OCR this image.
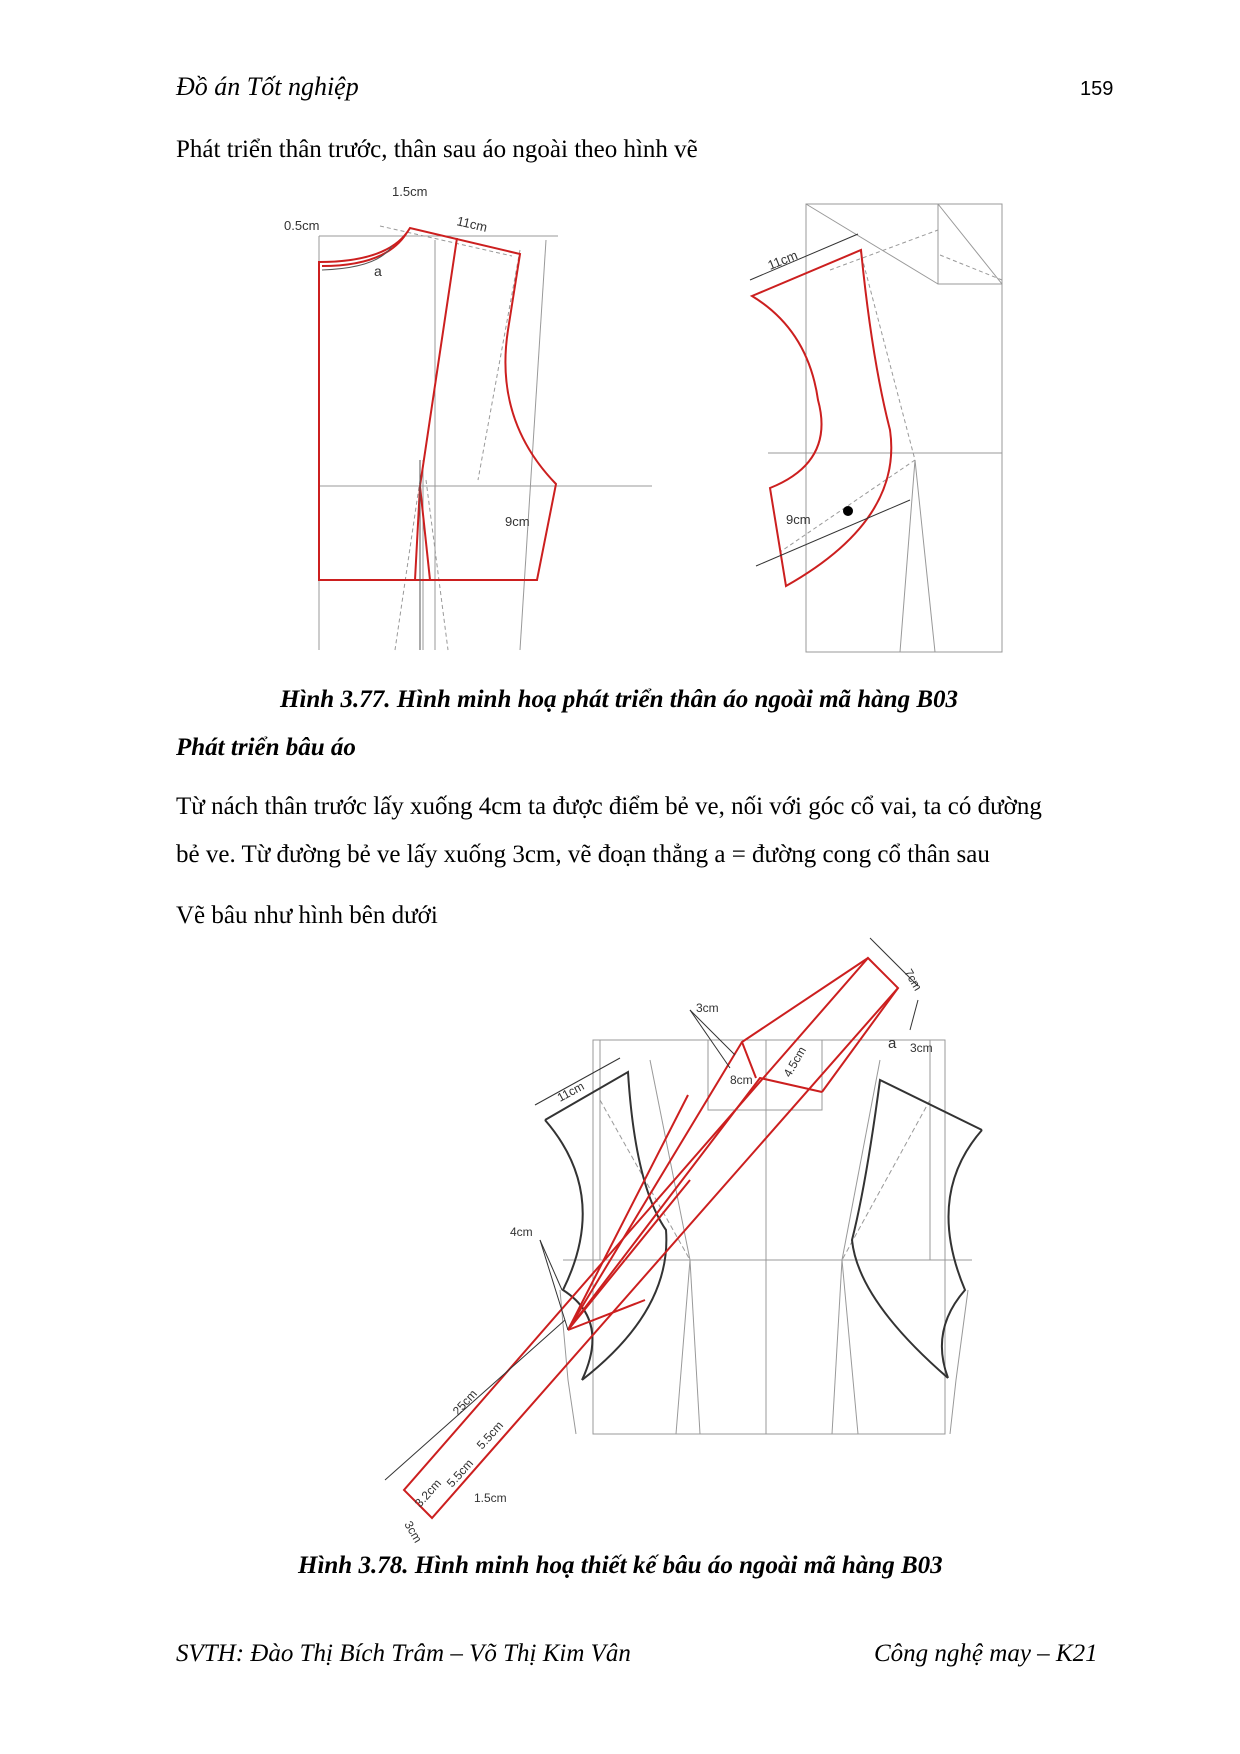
Đồ án Tốt nghiệp	159
Phát triển thân trước, thân sau áo ngoài theo hình vẽ
1.5cm
0.5cm	11cm
a
9cm
11cm
9cm
Hình 3.77. Hình minh hoạ phát triển thân áo ngoài mã hàng B03
Phát triển bâu áo
Từ nách thân trước lấy xuống 4cm ta được điểm bẻ ve, nối với góc cổ vai, ta có đường
bẻ ve. Từ đường bẻ ve lấy xuống 3cm, vẽ đoạn thẳng a = đường cong cổ thân sau
Vẽ bâu như hình bên dưới
7cm
3cm
3cm
a
4.5cm
8cm
11cm
4cm
25cm
5.5cm
5.5cm
3.2cm
3cm
1.5cm
Hình 3.78. Hình minh hoạ thiết kế bâu áo ngoài mã hàng B03
SVTH: Đào Thị Bích Trâm – Võ Thị Kim Vân	Công nghệ may – K21
